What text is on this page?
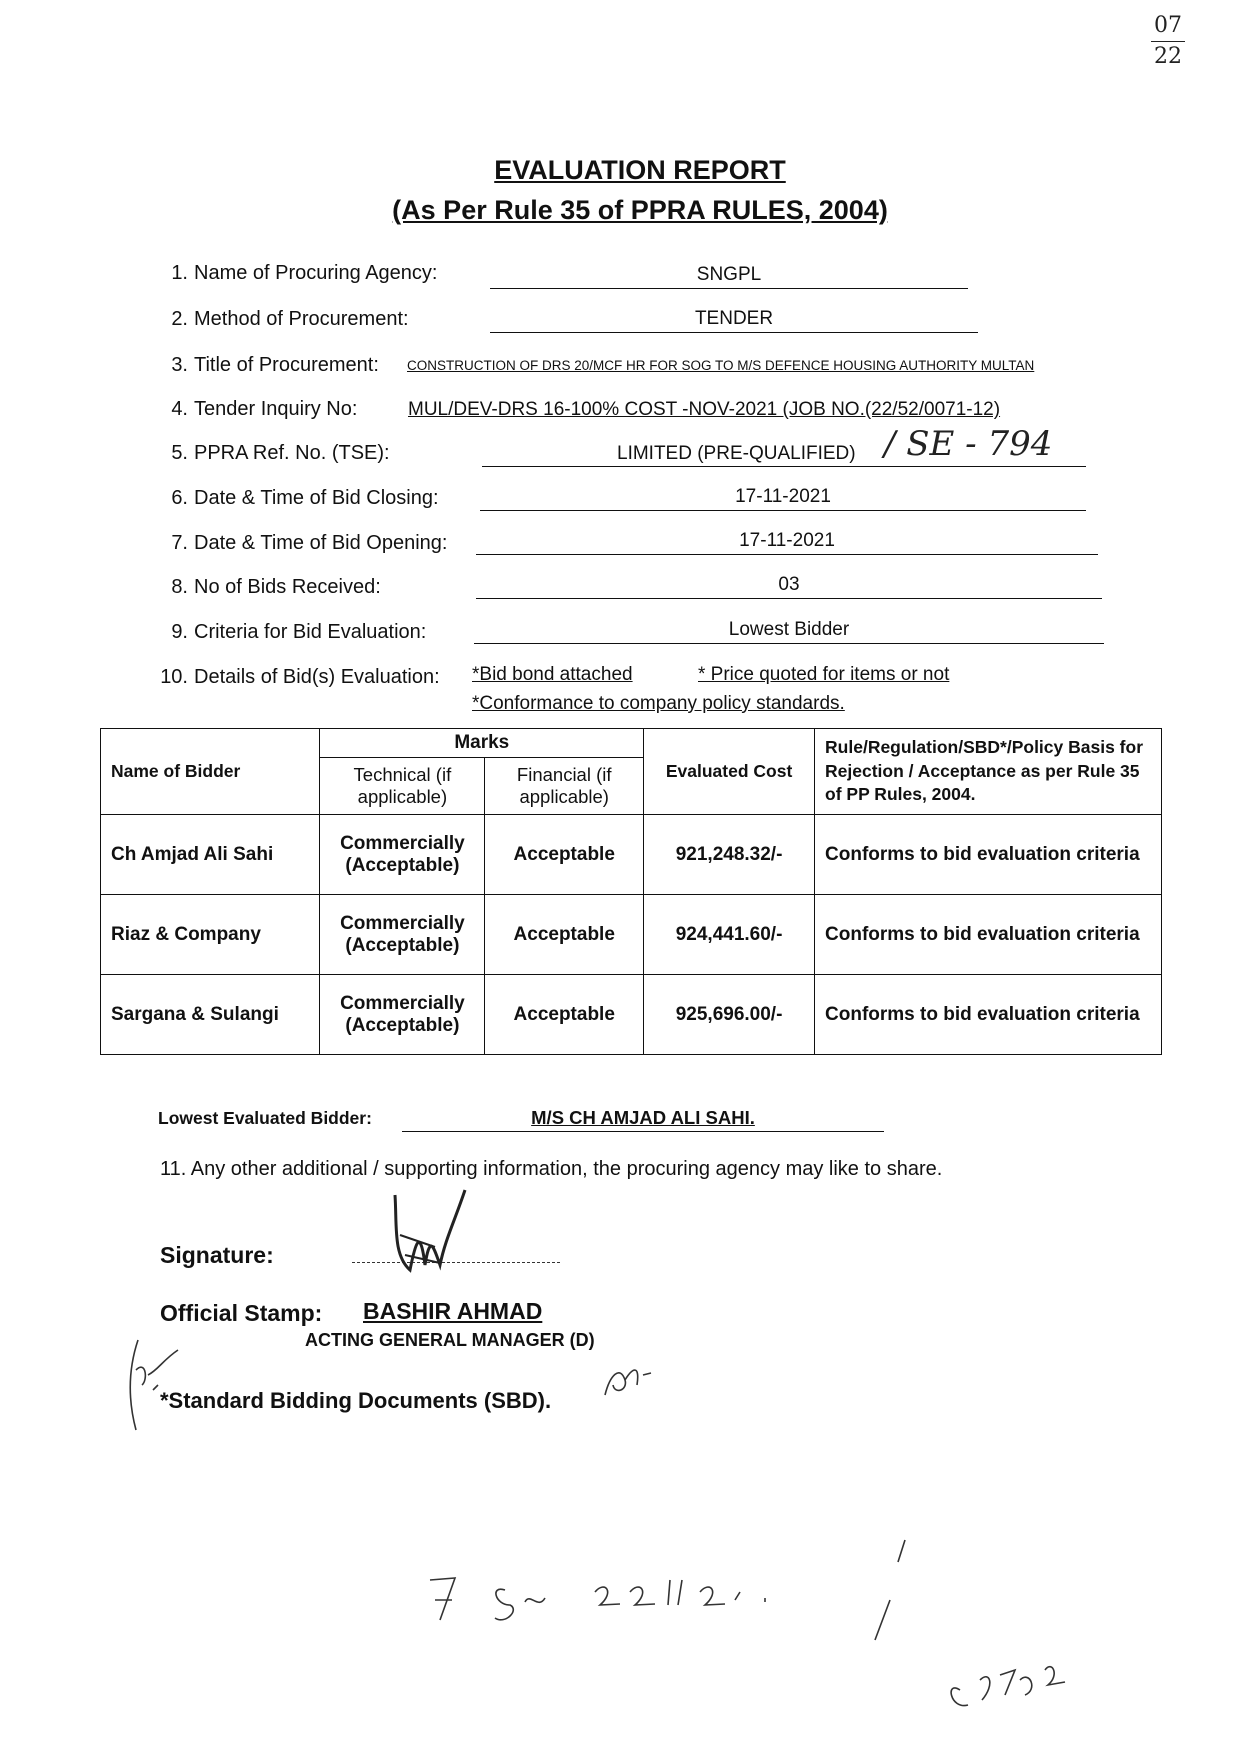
07
22
EVALUATION REPORT
(As Per Rule 35 of PPRA RULES, 2004)
1. Name of Procuring Agency:	SNGPL
2. Method of Procurement:	TENDER
3. Title of Procurement: CONSTRUCTION OF DRS 20/MCF HR FOR SOG TO M/S DEFENCE HOUSING AUTHORITY MULTAN
4. Tender Inquiry No:	MUL/DEV-DRS 16-100% COST -NOV-2021 (JOB NO.(22/52/0071-12)
5. PPRA Ref. No. (TSE):	LIMITED (PRE-QUALIFIED) / SE - 794
6. Date & Time of Bid Closing:	17-11-2021
7. Date & Time of Bid Opening:	17-11-2021
8. No of Bids Received:	03
9. Criteria for Bid Evaluation:	Lowest Bidder
10. Details of Bid(s) Evaluation: *Bid bond attached	* Price quoted for items or not
*Conformance to company policy standards.
Name of Bidder	Marks		Evaluated Cost	Rule/Regulation/SBD*/Policy Basis for Rejection / Acceptance as per Rule 35 of PP Rules, 2004.
	Technical (if applicable)	Financial (if applicable)		
Ch Amjad Ali Sahi	Commercially (Acceptable)	Acceptable	921,248.32/-	Conforms to bid evaluation criteria
Riaz & Company	Commercially (Acceptable)	Acceptable	924,441.60/-	Conforms to bid evaluation criteria
Sargana & Sulangi	Commercially (Acceptable)	Acceptable	925,696.00/-	Conforms to bid evaluation criteria
Lowest Evaluated Bidder:	M/S CH AMJAD ALI SAHI.
11. Any other additional / supporting information, the procuring agency may like to share.
Signature:
Official Stamp: BASHIR AHMAD
ACTING GENERAL MANAGER (D)
*Standard Bidding Documents (SBD).
